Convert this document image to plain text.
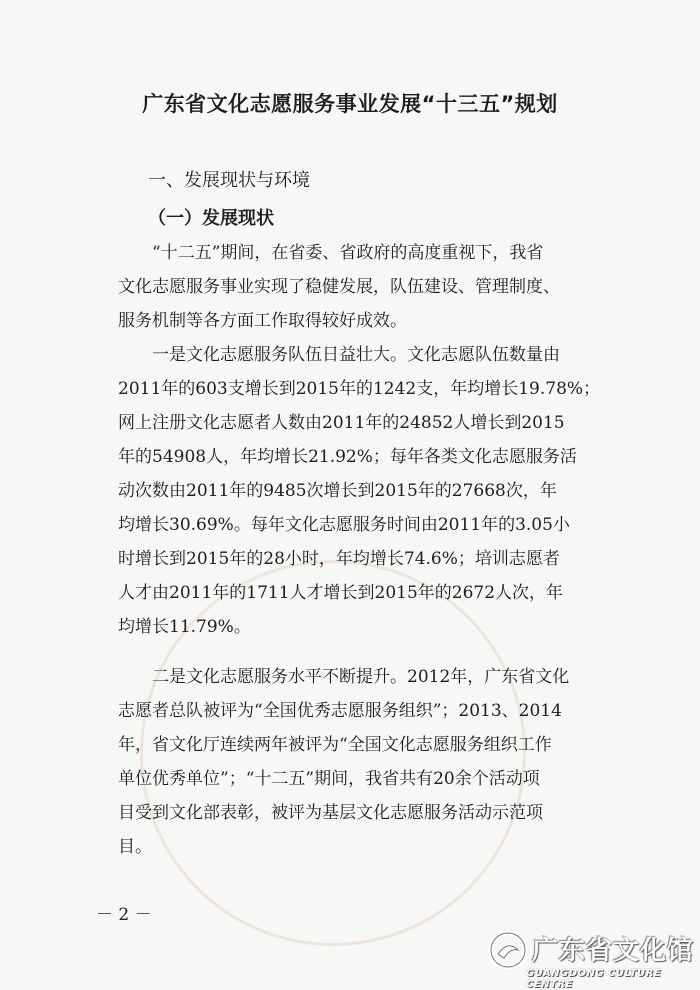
广东省文化志愿服务事业发展“十三五”规划
一、发展现状与环境
（一）发展现状
　　“十二五”期间，在省委、省政府的高度重视下，我省
文化志愿服务事业实现了稳健发展，队伍建设、管理制度、
服务机制等各方面工作取得较好成效。
　　一是文化志愿服务队伍日益壮大。文化志愿队伍数量由
2011年的603支增长到2015年的1242支，年均增长19.78%；
网上注册文化志愿者人数由2011年的24852人增长到2015
年的54908人，年均增长21.92%；每年各类文化志愿服务活
动次数由2011年的9485次增长到2015年的27668次，年
均增长30.69%。每年文化志愿服务时间由2011年的3.05小
时增长到2015年的28小时，年均增长74.6%；培训志愿者
人才由2011年的1711人才增长到2015年的2672人次，年
均增长11.79%。
　　二是文化志愿服务水平不断提升。2012年，广东省文化
志愿者总队被评为“全国优秀志愿服务组织”；2013、2014
年，省文化厅连续两年被评为“全国文化志愿服务组织工作
单位优秀单位”；“十二五”期间，我省共有20余个活动项
目受到文化部表彰，被评为基层文化志愿服务活动示范项
目。
－ 2 －
广东省文化馆
GUANGDONG CULTURE CENTRE
